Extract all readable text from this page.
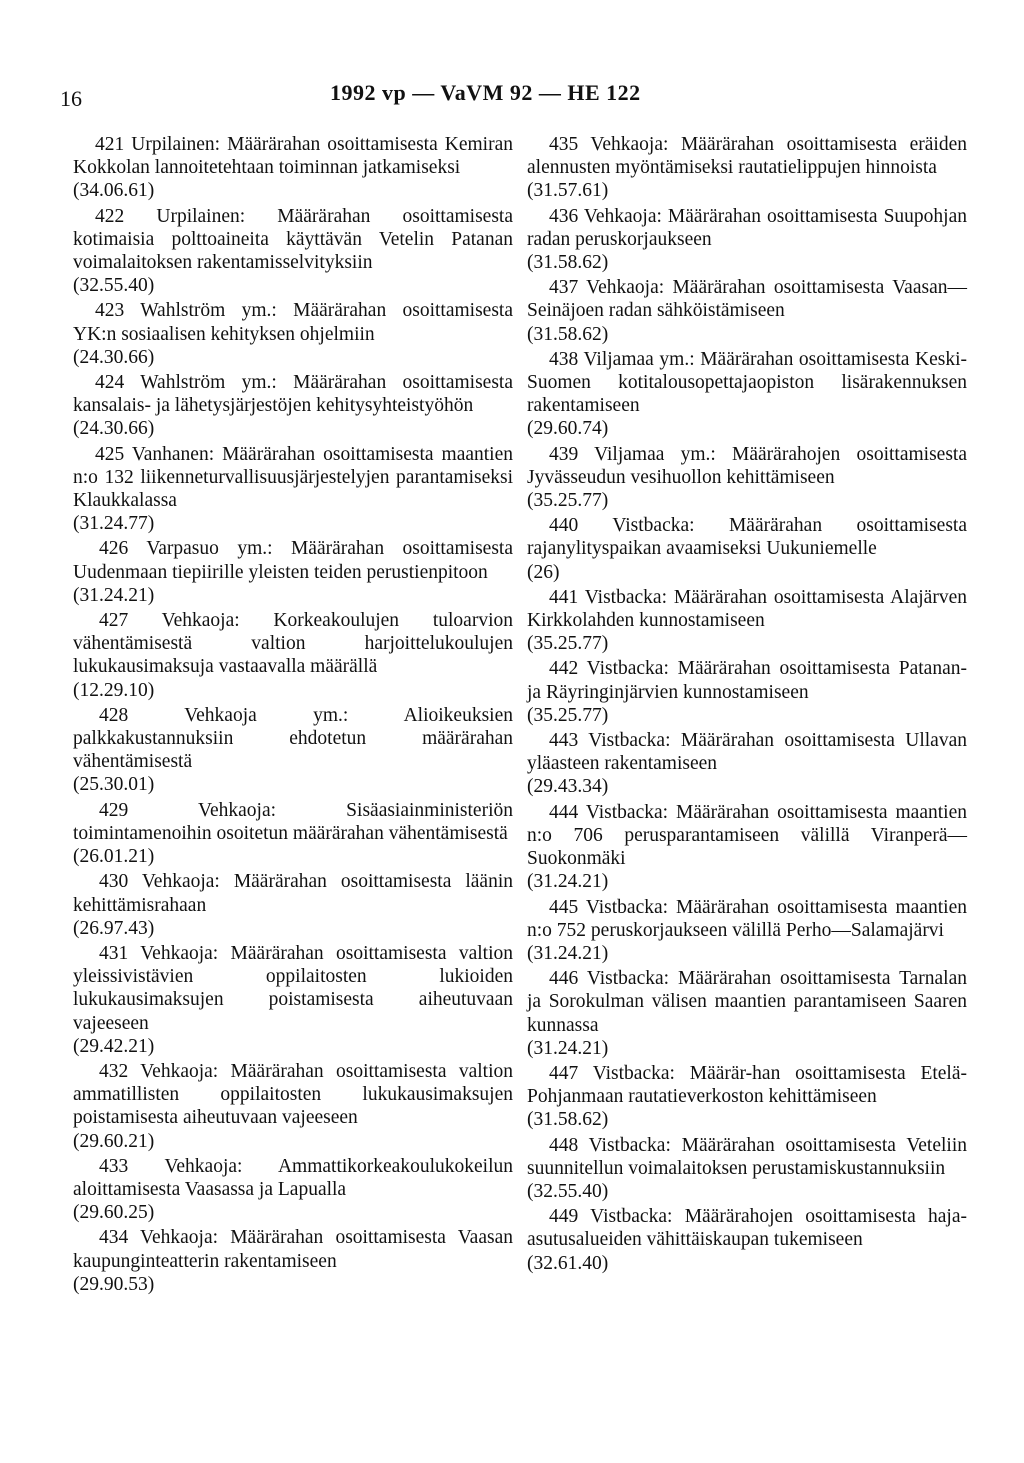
16	1992 vp — VaVM 92 — HE 122
421 Urpilainen: Määrärahan osoittamisesta Kemiran Kokkolan lannoitetehtaan toiminnan jatkamiseksi
(34.06.61)
422 Urpilainen: Määrärahan osoittamisesta kotimaisia polttoaineita käyttävän Vetelin Patanan voimalaitoksen rakentamisselvityksiin
(32.55.40)
423 Wahlström ym.: Määrärahan osoittamisesta YK:n sosiaalisen kehityksen ohjelmiin
(24.30.66)
424 Wahlström ym.: Määrärahan osoittamisesta kansalais- ja lähetysjärjestöjen kehitysyhteistyöhön
(24.30.66)
425 Vanhanen: Määrärahan osoittamisesta maantien n:o 132 liikenneturvallisuusjärjestelyjen parantamiseksi Klaukkalassa
(31.24.77)
426 Varpasuo ym.: Määrärahan osoittamisesta Uudenmaan tiepiirille yleisten teiden perustienpitoon
(31.24.21)
427 Vehkaoja: Korkeakoulujen tuloarvion vähentämisestä valtion harjoittelukoulujen lukukausimaksuja vastaavalla määrällä
(12.29.10)
428 Vehkaoja ym.: Alioikeuksien palkkakustannuksiin ehdotetun määrärahan vähentämisestä
(25.30.01)
429 Vehkaoja: Sisäasiainministeriön toimintamenoihin osoitetun määrärahan vähentämisestä
(26.01.21)
430 Vehkaoja: Määrärahan osoittamisesta läänin kehittämisrahaan
(26.97.43)
431 Vehkaoja: Määrärahan osoittamisesta valtion yleissivistävien oppilaitosten lukioiden lukukausimaksujen poistamisesta aiheutuvaan vajeeseen
(29.42.21)
432 Vehkaoja: Määrärahan osoittamisesta valtion ammatillisten oppilaitosten lukukausimaksujen poistamisesta aiheutuvaan vajeeseen
(29.60.21)
433 Vehkaoja: Ammattikorkeakoulukokeilun aloittamisesta Vaasassa ja Lapualla
(29.60.25)
434 Vehkaoja: Määrärahan osoittamisesta Vaasan kaupunginteatterin rakentamiseen
(29.90.53)
435 Vehkaoja: Määrärahan osoittamisesta eräiden alennusten myöntämiseksi rautatielippujen hinnoista
(31.57.61)
436 Vehkaoja: Määrärahan osoittamisesta Suupohjan radan peruskorjaukseen
(31.58.62)
437 Vehkaoja: Määrärahan osoittamisesta Vaasan—Seinäjoen radan sähköistämiseen
(31.58.62)
438 Viljamaa ym.: Määrärahan osoittamisesta Keski-Suomen kotitalousopettajaopiston lisärakennuksen rakentamiseen
(29.60.74)
439 Viljamaa ym.: Määrärahojen osoittamisesta Jyvässeudun vesihuollon kehittämiseen
(35.25.77)
440 Vistbacka: Määrärahan osoittamisesta rajanylityspaikan avaamiseksi Uukuniemelle
(26)
441 Vistbacka: Määrärahan osoittamisesta Alajärven Kirkkolahden kunnostamiseen
(35.25.77)
442 Vistbacka: Määrärahan osoittamisesta Patanan- ja Räyringinjärvien kunnostamiseen
(35.25.77)
443 Vistbacka: Määrärahan osoittamisesta Ullavan yläasteen rakentamiseen
(29.43.34)
444 Vistbacka: Määrärahan osoittamisesta maantien n:o 706 perusparantamiseen välillä Viranperä—Suokonmäki
(31.24.21)
445 Vistbacka: Määrärahan osoittamisesta maantien n:o 752 peruskorjaukseen välillä Perho—Salamajärvi
(31.24.21)
446 Vistbacka: Määrärahan osoittamisesta Tarnalan ja Sorokulman välisen maantien parantamiseen Saaren kunnassa
(31.24.21)
447 Vistbacka: Määrär-han osoittamisesta Etelä-Pohjanmaan rautatieverkoston kehittämiseen
(31.58.62)
448 Vistbacka: Määrärahan osoittamisesta Veteliin suunnitellun voimalaitoksen perustamiskustannuksiin
(32.55.40)
449 Vistbacka: Määrärahojen osoittamisesta haja-asutusalueiden vähittäiskaupan tukemiseen
(32.61.40)
